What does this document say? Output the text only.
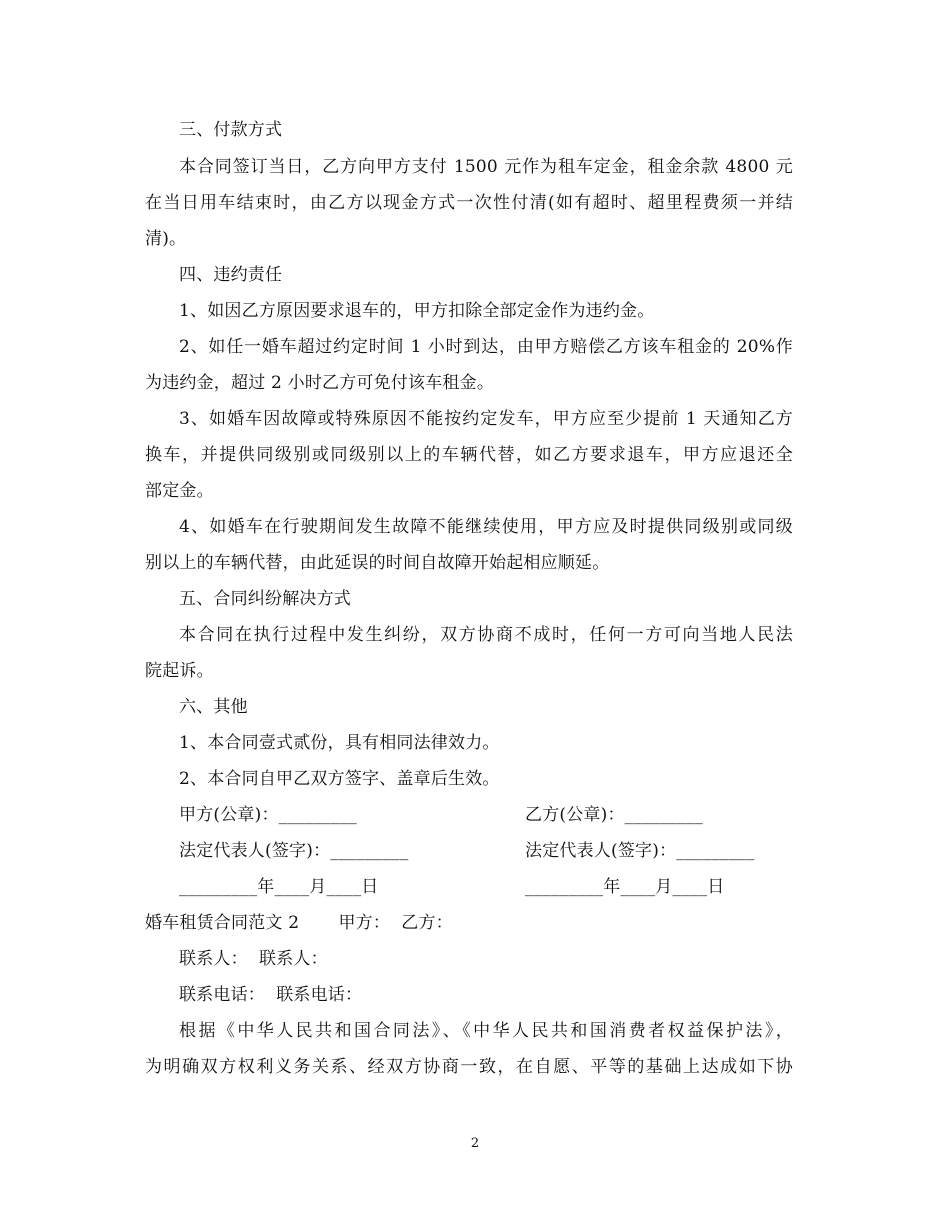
三、付款方式
本合同签订当日，乙方向甲方支付 1500 元作为租车定金，租金余款 4800 元
在当日用车结束时，由乙方以现金方式一次性付清(如有超时、超里程费须一并结
清)。
四、违约责任
1、如因乙方原因要求退车的，甲方扣除全部定金作为违约金。
2、如任一婚车超过约定时间 1 小时到达，由甲方赔偿乙方该车租金的 20%作
为违约金，超过 2 小时乙方可免付该车租金。
3、如婚车因故障或特殊原因不能按约定发车，甲方应至少提前 1 天通知乙方
换车，并提供同级别或同级别以上的车辆代替，如乙方要求退车，甲方应退还全
部定金。
4、如婚车在行驶期间发生故障不能继续使用，甲方应及时提供同级别或同级
别以上的车辆代替，由此延误的时间自故障开始起相应顺延。
五、合同纠纷解决方式
本合同在执行过程中发生纠纷，双方协商不成时，任何一方可向当地人民法
院起诉。
六、其他
1、本合同壹式贰份，具有相同法律效力。
2、本合同自甲乙双方签字、盖章后生效。
甲方(公章)：_________	乙方(公章)：_________
法定代表人(签字)：_________	法定代表人(签字)：_________
_________年____月____日	_________年____月____日
婚车租赁合同范文 2       甲方：  乙方：
联系人：  联系人：
联系电话：  联系电话：
根据《中华人民共和国合同法》、《中华人民共和国消费者权益保护法》，
为明确双方权利义务关系、经双方协商一致，在自愿、平等的基础上达成如下协
2
